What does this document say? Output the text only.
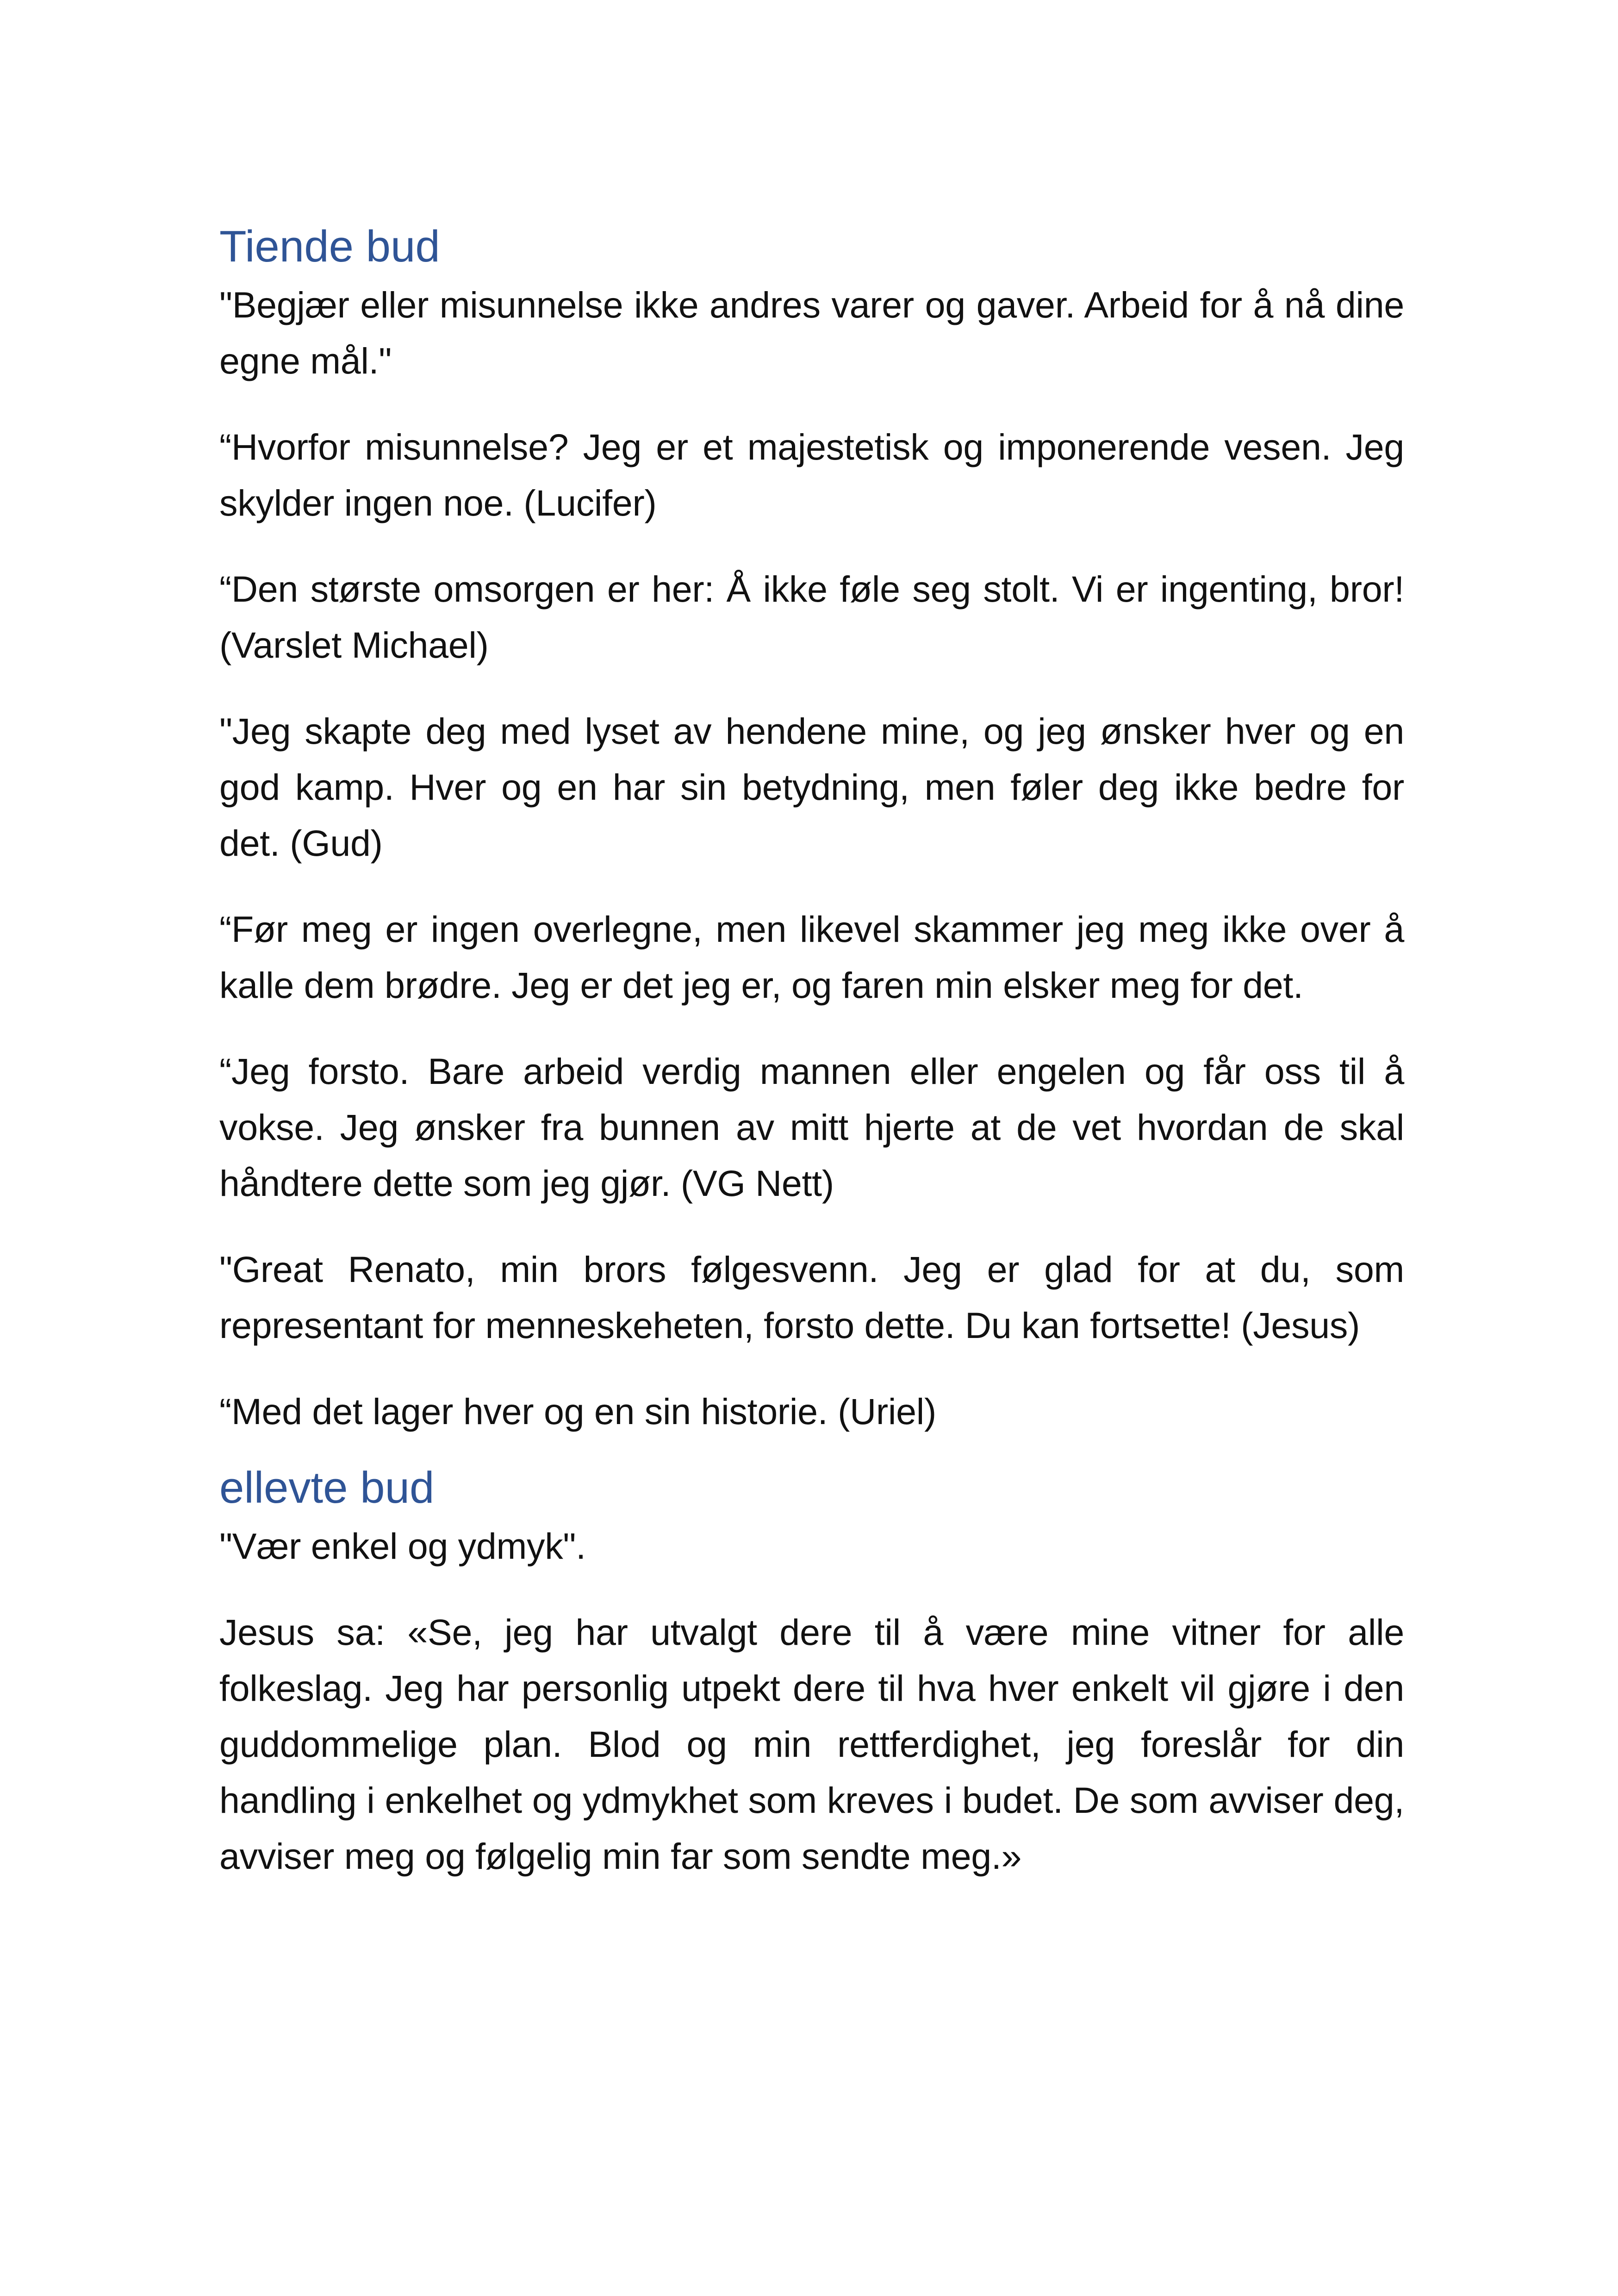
Tiende bud

"Begjær eller misunnelse ikke andres varer og gaver. Arbeid for å nå dine egne mål."

“Hvorfor misunnelse? Jeg er et majestetisk og imponerende vesen. Jeg skylder ingen noe. (Lucifer)

“Den største omsorgen er her: Å ikke føle seg stolt. Vi er ingenting, bror! (Varslet Michael)

"Jeg skapte deg med lyset av hendene mine, og jeg ønsker hver og en god kamp. Hver og en har sin betydning, men føler deg ikke bedre for det. (Gud)

“Før meg er ingen overlegne, men likevel skammer jeg meg ikke over å kalle dem brødre. Jeg er det jeg er, og faren min elsker meg for det.

“Jeg forsto. Bare arbeid verdig mannen eller engelen og får oss til å vokse. Jeg ønsker fra bunnen av mitt hjerte at de vet hvordan de skal håndtere dette som jeg gjør. (VG Nett)

"Great Renato, min brors følgesvenn. Jeg er glad for at du, som representant for menneskeheten, forsto dette. Du kan fortsette! (Jesus)

“Med det lager hver og en sin historie. (Uriel)

ellevte bud

"Vær enkel og ydmyk".

Jesus sa: «Se, jeg har utvalgt dere til å være mine vitner for alle folkeslag. Jeg har personlig utpekt dere til hva hver enkelt vil gjøre i den guddommelige plan. Blod og min rettferdighet, jeg foreslår for din handling i enkelhet og ydmykhet som kreves i budet. De som avviser deg, avviser meg og følgelig min far som sendte meg.»
